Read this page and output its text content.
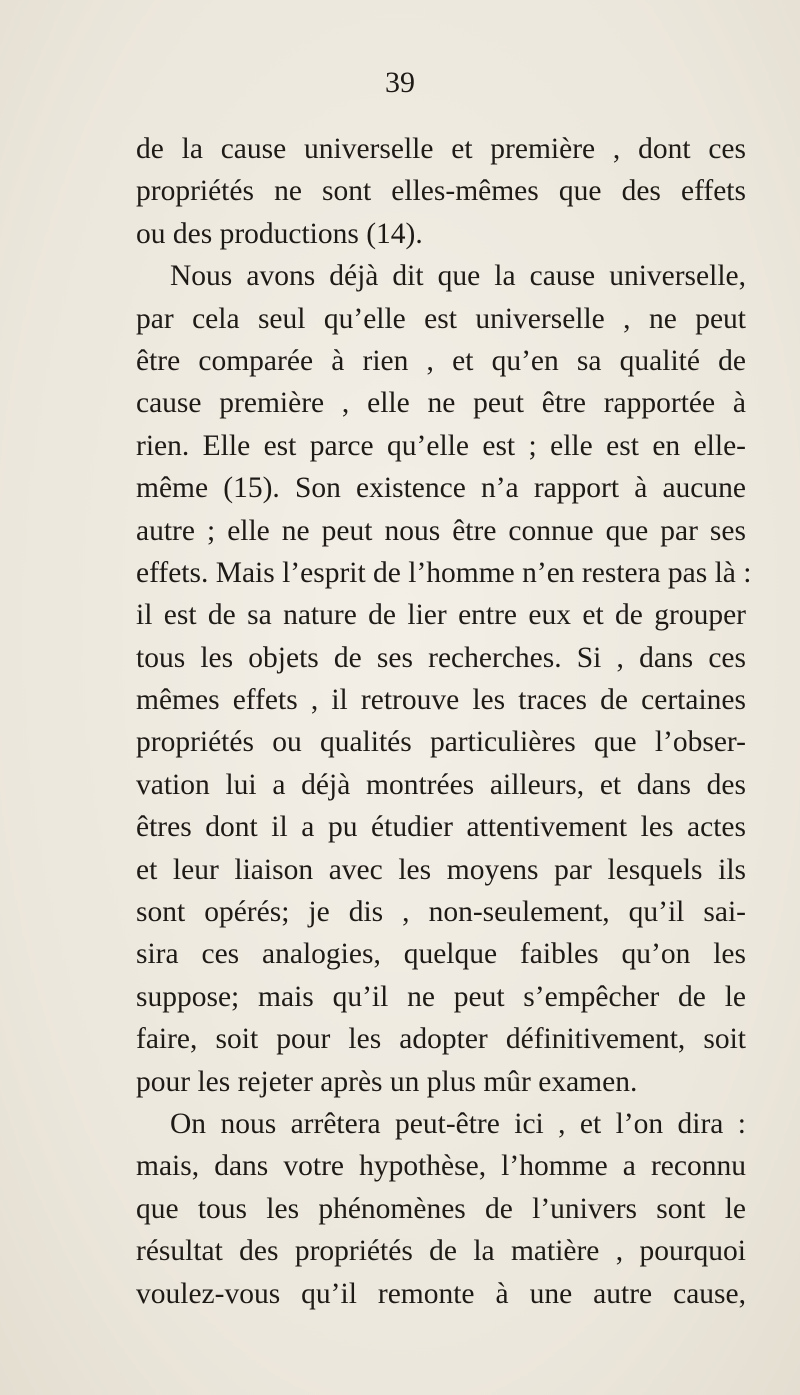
39
de la cause universelle et première , dont ces
propriétés ne sont elles-mêmes que des effets
ou des productions (14).
Nous avons déjà dit que la cause universelle,
par cela seul qu’elle est universelle , ne peut
être comparée à rien , et qu’en sa qualité de
cause première , elle ne peut être rapportée à
rien. Elle est parce qu’elle est ; elle est en elle-
même (15). Son existence n’a rapport à aucune
autre ; elle ne peut nous être connue que par ses
effets. Mais l’esprit de l’homme n’en restera pas là :
il est de sa nature de lier entre eux et de grouper
tous les objets de ses recherches. Si , dans ces
mêmes effets , il retrouve les traces de certaines
propriétés ou qualités particulières que l’obser-
vation lui a déjà montrées ailleurs, et dans des
êtres dont il a pu étudier attentivement les actes
et leur liaison avec les moyens par lesquels ils
sont opérés; je dis , non-seulement, qu’il sai-
sira ces analogies, quelque faibles qu’on les
suppose; mais qu’il ne peut s’empêcher de le
faire, soit pour les adopter définitivement, soit
pour les rejeter après un plus mûr examen.
On nous arrêtera peut-être ici , et l’on dira :
mais, dans votre hypothèse, l’homme a reconnu
que tous les phénomènes de l’univers sont le
résultat des propriétés de la matière , pourquoi
voulez-vous qu’il remonte à une autre cause,
